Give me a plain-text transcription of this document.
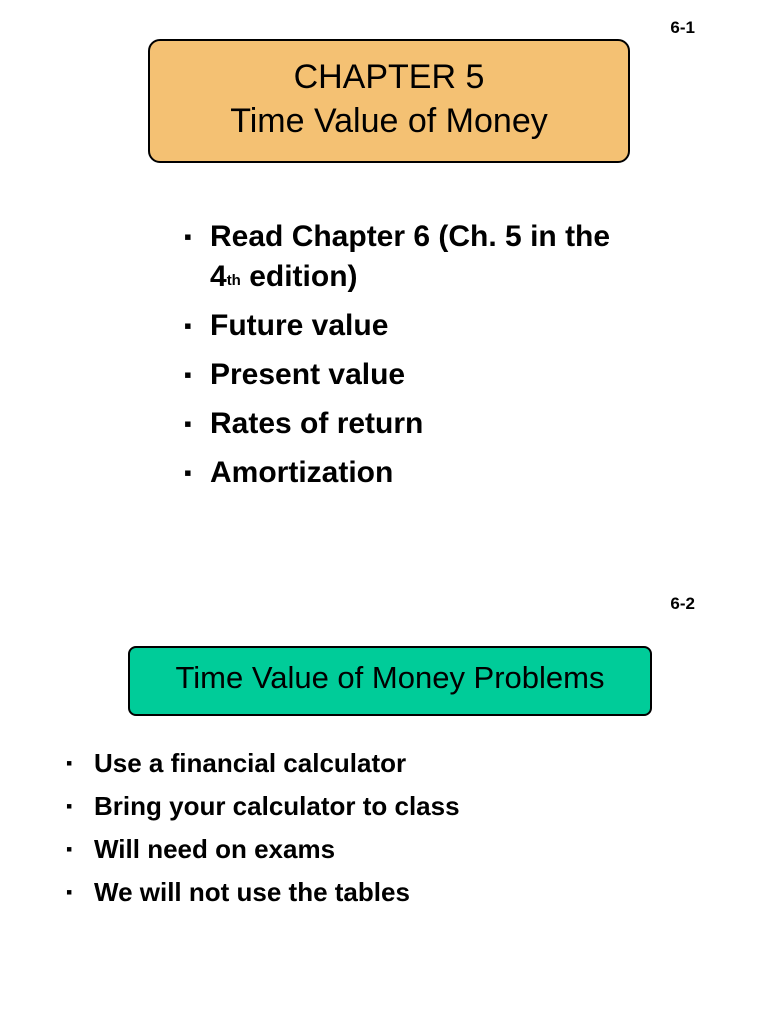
6-1
CHAPTER 5
Time Value of Money
▪ Read Chapter 6 (Ch. 5 in the 4th edition)
▪ Future value
▪ Present value
▪ Rates of return
▪ Amortization
6-2
Time Value of Money Problems
▪ Use a financial calculator
▪ Bring your calculator to class
▪ Will need on exams
▪ We will not use the tables
